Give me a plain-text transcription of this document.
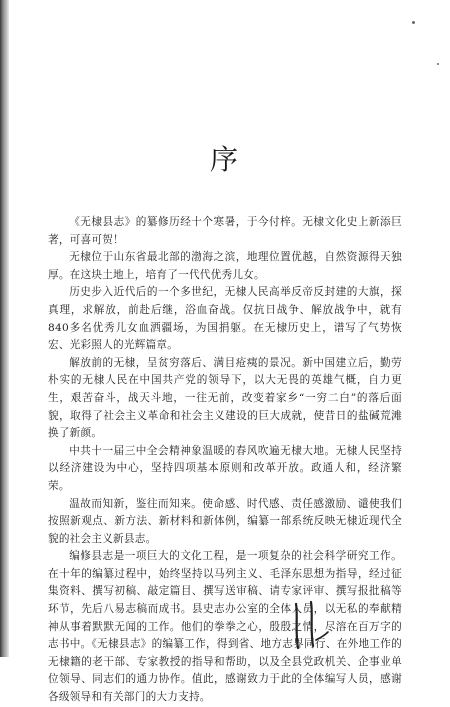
序

《无棣县志》的纂修历经十个寒暑，于今付梓。无棣文化史上新添巨著，可喜可贺！

无棣位于山东省最北部的渤海之滨，地理位置优越，自然资源得天独厚。在这块土地上，培育了一代代优秀儿女。

历史步入近代后的一个多世纪，无棣人民高举反帝反封建的大旗，探真理，求解放，前赴后继，浴血奋战。仅抗日战争、解放战争中，就有840多名优秀儿女血洒疆场，为国捐躯。在无棣历史上，谱写了气势恢宏、光彩照人的光辉篇章。

解放前的无棣，呈贫穷落后、满目疮痍的景况。新中国建立后，勤劳朴实的无棣人民在中国共产党的领导下，以大无畏的英雄气概，自力更生，艰苦奋斗，战天斗地，一往无前，改变着家乡“一穷二白”的落后面貌，取得了社会主义革命和社会主义建设的巨大成就，使昔日的盐碱荒滩换了新颜。

中共十一届三中全会精神象温暖的春风吹遍无棣大地。无棣人民坚持以经济建设为中心，坚持四项基本原则和改革开放。政通人和，经济繁荣。

温故而知新，鉴往而知来。使命感、时代感、责任感激励、谴使我们按照新观点、新方法、新材料和新体例，编纂一部系统反映无棣近现代全貌的社会主义新县志。

编修县志是一项巨大的文化工程，是一项复杂的社会科学研究工作。在十年的编纂过程中，始终坚持以马列主义、毛泽东思想为指导，经过征集资料、撰写初稿、敲定篇目、撰写送审稿、请专家评审、撰写报批稿等环节，先后八易志稿而成书。县史志办公室的全体人员，以无私的奉献精神从事着默默无闻的工作。他们的拳拳之心，殷殷之情，尽溶在百万字的志书中。《无棣县志》的编纂工作，得到省、地方志界同行、在外地工作的无棣籍的老干部、专家教授的指导和帮助，以及全县党政机关、企事业单位领导、同志们的通力协作。值此，感谢致力于此的全体编写人员，感谢各级领导和有关部门的大力支持。
